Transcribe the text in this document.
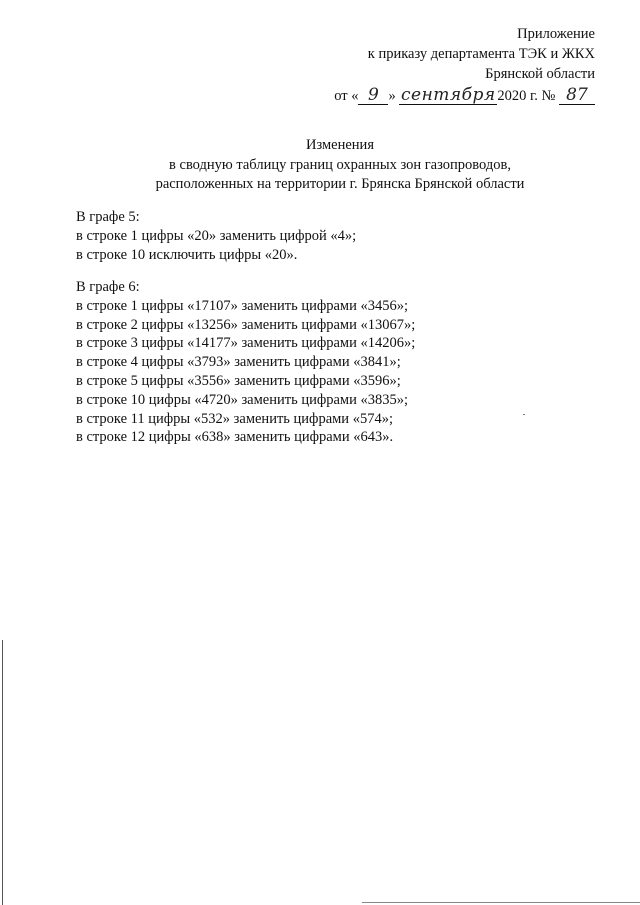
Приложение
к приказу департамента ТЭК и ЖКХ
Брянской области
от « 9 » сентября 2020 г. № 87
Изменения
в сводную таблицу границ охранных зон газопроводов,
расположенных на территории г. Брянска Брянской области
В графе 5:
в строке 1 цифры «20» заменить цифрой «4»;
в строке 10 исключить цифры «20».
В графе 6:
в строке 1 цифры «17107» заменить цифрами «3456»;
в строке 2 цифры «13256» заменить цифрами «13067»;
в строке 3 цифры «14177» заменить цифрами «14206»;
в строке 4 цифры «3793» заменить цифрами «3841»;
в строке 5 цифры «3556» заменить цифрами «3596»;
в строке 10 цифры «4720» заменить цифрами «3835»;
в строке 11 цифры «532» заменить цифрами «574»;
в строке 12 цифры «638» заменить цифрами «643».
